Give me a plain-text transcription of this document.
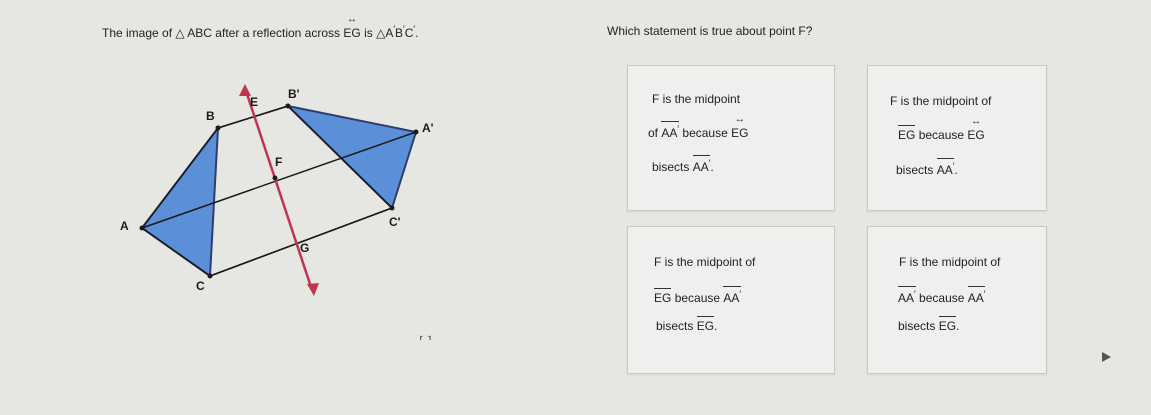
The image of △ ABC after a reflection across ↔ EG is △A′B′C′.	Which statement is true about point F?
B
E
B'
A'
F
A	C'
G
C
F is the midpoint
of AA′ because ↔ EG
bisects AA′.
F is the midpoint of
EG because ↔ EG
bisects AA′.
F is the midpoint of
EG because AA′
bisects EG.
F is the midpoint of
AA′ because AA′
bisects EG.
⸢ ⸣
